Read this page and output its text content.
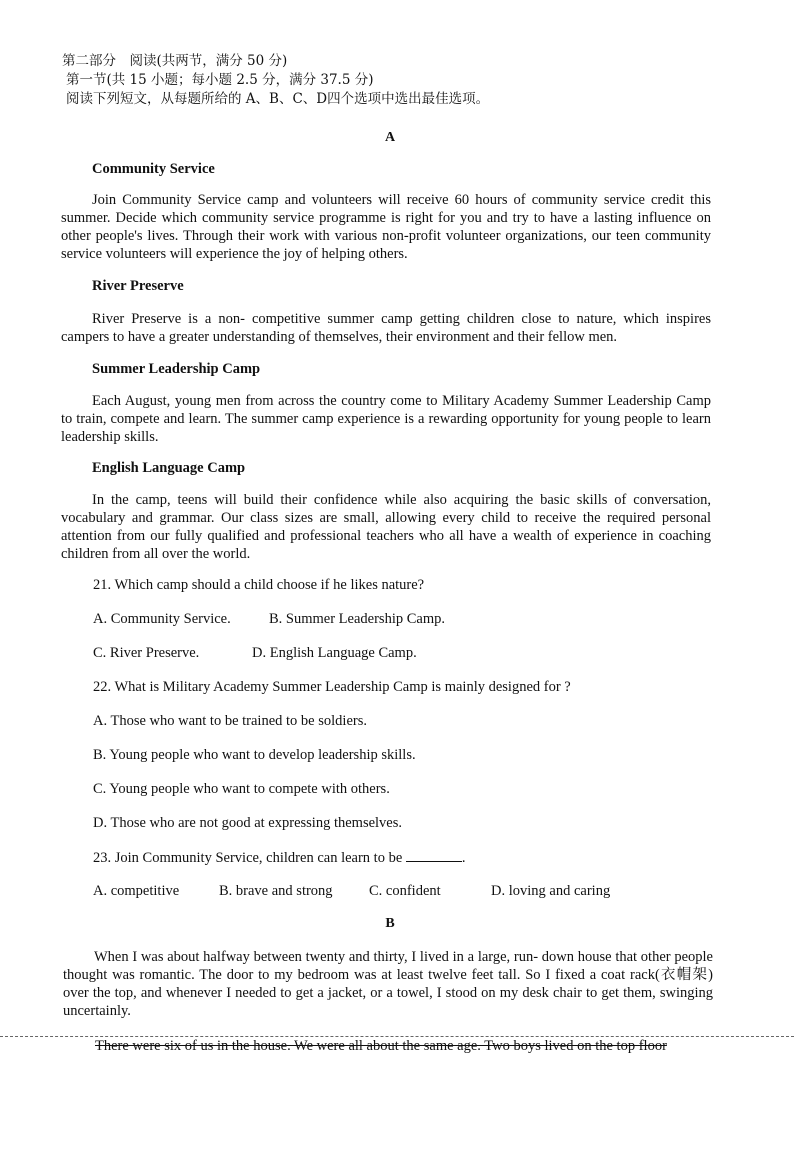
第二部分　阅读(共两节，满分 50 分)
第一节(共 15 小题；每小题 2.5 分，满分 37.5 分)
阅读下列短文，从每题所给的 A、B、C、D四个选项中选出最佳选项。
A
Community Service

Join Community Service camp and volunteers will receive 60 hours of community service credit this summer. Decide which community service programme is right for you and try to have a lasting influence on other people's lives. Through their work with various non-profit volunteer organizations, our teen community service volunteers will experience the joy of helping others.

River Preserve

River Preserve is a non- competitive summer camp getting children close to nature, which inspires campers to have a greater understanding of themselves, their environment and their fellow men.

Summer Leadership Camp

Each August, young men from across the country come to Military Academy Summer Leadership Camp to train, compete and learn. The summer camp experience is a rewarding opportunity for young people to learn leadership skills.

English Language Camp

In the camp, teens will build their confidence while also acquiring the basic skills of conversation, vocabulary and grammar. Our class sizes are small, allowing every child to receive the required personal attention from our fully qualified and professional teachers who all have a wealth of experience in coaching children from all over the world.

21. Which camp should a child choose if he likes nature?
A. Community Service.	B. Summer Leadership Camp.
C. River Preserve.	D. English Language Camp.
22. What is Military Academy Summer Leadership Camp is mainly designed for ?
A. Those who want to be trained to be soldiers.
B. Young people who want to develop leadership skills.
C. Young people who want to compete with others.
D. Those who are not good at expressing themselves.
23. Join Community Service, children can learn to be	.
A. competitive	B. brave and strong	C. confident	D. loving and caring
B

When I was about halfway between twenty and thirty, I lived in a large, run- down house that other people thought was romantic. The door to my bedroom was at least twelve feet tall. So I fixed a coat rack(衣帽架) over the top, and whenever I needed to get a jacket, or a towel, I stood on my desk chair to get them, swinging uncertainly.

There were six of us in the house. We were all about the same age. Two boys lived on the top floor
